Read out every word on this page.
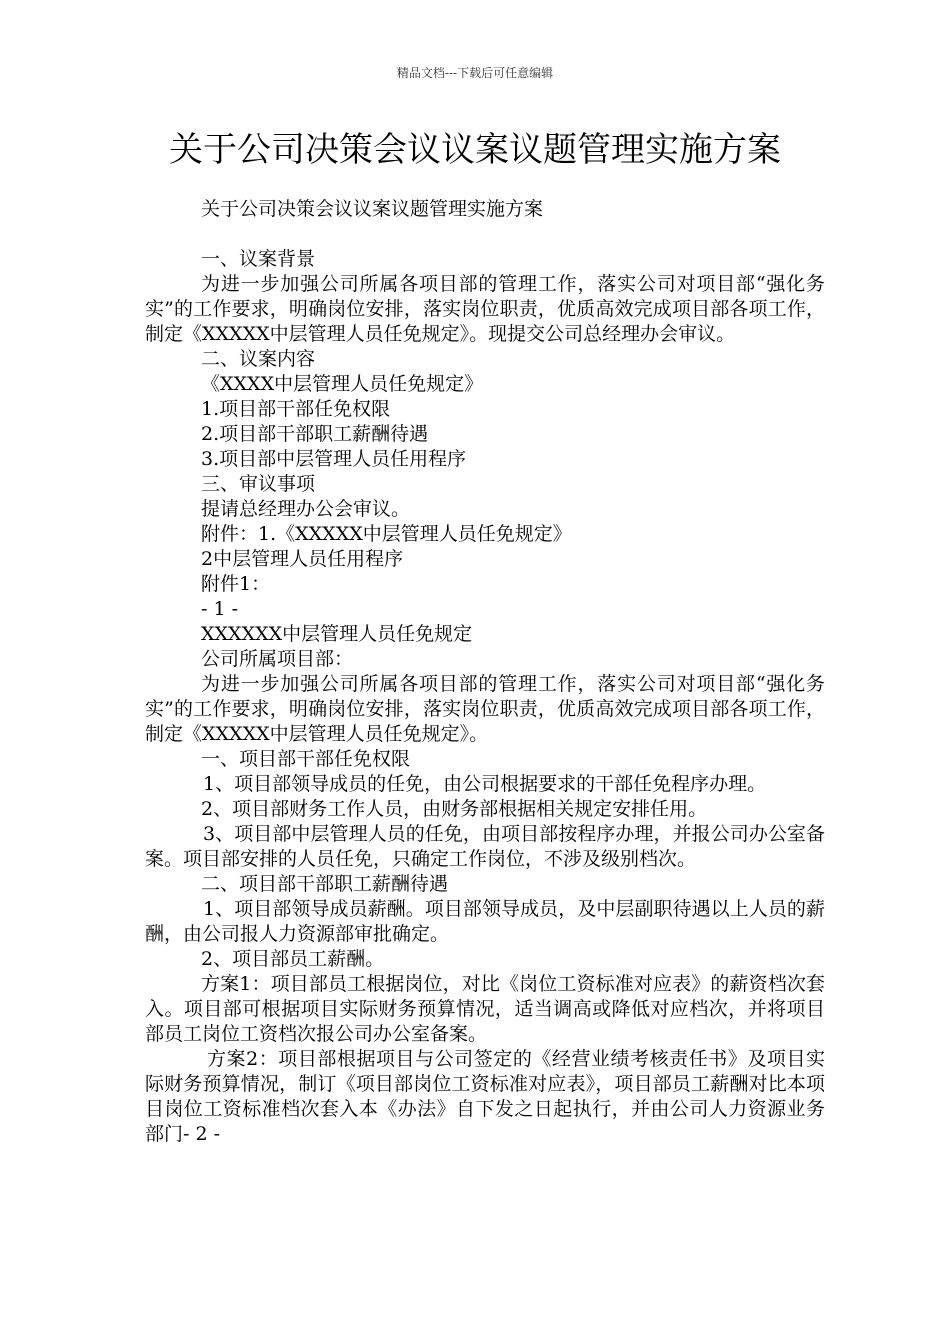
精品文档---下载后可任意编辑
关于公司决策会议议案议题管理实施方案

关于公司决策会议议案议题管理实施方案

一、议案背景

为进一步加强公司所属各项目部的管理工作，落实公司对项目部“强化务实”的工作要求，明确岗位安排，落实岗位职责，优质高效完成项目部各项工作，制定《XXXXX中层管理人员任免规定》。现提交公司总经理办会审议。

二、议案内容

《XXXX中层管理人员任免规定》

1.项目部干部任免权限

2.项目部干部职工薪酬待遇

3.项目部中层管理人员任用程序

三、审议事项

提请总经理办公会审议。

附件：1.《XXXXX中层管理人员任免规定》

2中层管理人员任用程序

附件1：

- 1 -

XXXXXX中层管理人员任免规定

公司所属项目部：

为进一步加强公司所属各项目部的管理工作，落实公司对项目部“强化务实”的工作要求，明确岗位安排，落实岗位职责，优质高效完成项目部各项工作，制定《XXXXX中层管理人员任免规定》。

一、项目部干部任免权限

1、项目部领导成员的任免，由公司根据要求的干部任免程序办理。

2、项目部财务工作人员，由财务部根据相关规定安排任用。

3、项目部中层管理人员的任免，由项目部按程序办理，并报公司办公室备案。项目部安排的人员任免，只确定工作岗位，不涉及级别档次。

二、项目部干部职工薪酬待遇

1、项目部领导成员薪酬。项目部领导成员，及中层副职待遇以上人员的薪酬，由公司报人力资源部审批确定。

2、项目部员工薪酬。

方案1：项目部员工根据岗位，对比《岗位工资标准对应表》的薪资档次套入。项目部可根据项目实际财务预算情况，适当调高或降低对应档次，并将项目部员工岗位工资档次报公司办公室备案。

方案2：项目部根据项目与公司签定的《经营业绩考核责任书》及项目实际财务预算情况，制订《项目部岗位工资标准对应表》，项目部员工薪酬对比本项目岗位工资标准档次套入本《办法》自下发之日起执行，并由公司人力资源业务部门- 2 -
